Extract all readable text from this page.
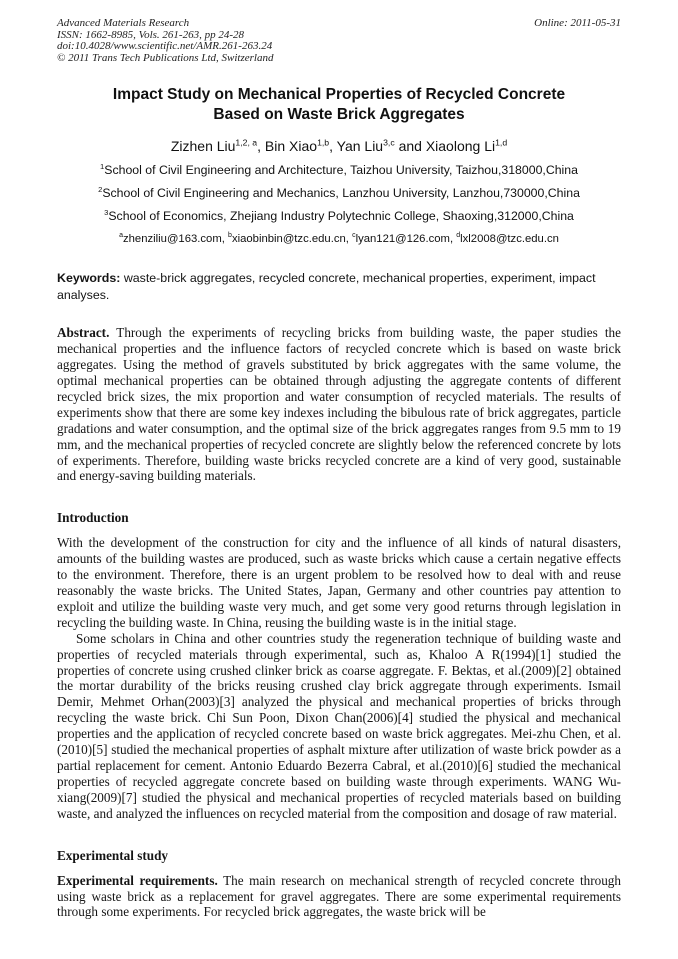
Advanced Materials Research	Online: 2011-05-31
ISSN: 1662-8985, Vols. 261-263, pp 24-28
doi:10.4028/www.scientific.net/AMR.261-263.24
© 2011 Trans Tech Publications Ltd, Switzerland
Impact Study on Mechanical Properties of Recycled Concrete
Based on Waste Brick Aggregates
Zizhen Liu$^{1,2, a}$, Bin Xiao$^{1,b}$, Yan Liu$^{3,c}$ and Xiaolong Li$^{1,d}$
$^1$School of Civil Engineering and Architecture, Taizhou University, Taizhou,318000,China
$^2$School of Civil Engineering and Mechanics, Lanzhou University, Lanzhou,730000,China
$^3$School of Economics, Zhejiang Industry Polytechnic College, Shaoxing,312000,China
$^a$zhenziliu@163.com, $^b$xiaobinbin@tzc.edu.cn, $^c$lyan121@126.com, $^d$lxl2008@tzc.edu.cn

Keywords: waste-brick aggregates, recycled concrete, mechanical properties, experiment, impact analyses.

Abstract. Through the experiments of recycling bricks from building waste, the paper studies the mechanical properties and the influence factors of recycled concrete which is based on waste brick aggregates. Using the method of gravels substituted by brick aggregates with the same volume, the optimal mechanical properties can be obtained through adjusting the aggregate contents of different recycled brick sizes, the mix proportion and water consumption of recycled materials. The results of experiments show that there are some key indexes including the bibulous rate of brick aggregates, particle gradations and water consumption, and the optimal size of the brick aggregates ranges from 9.5 mm to 19 mm, and the mechanical properties of recycled concrete are slightly below the referenced concrete by lots of experiments. Therefore, building waste bricks recycled concrete are a kind of very good, sustainable and energy-saving building materials.

Introduction

With the development of the construction for city and the influence of all kinds of natural disasters, amounts of the building wastes are produced, such as waste bricks which cause a certain negative effects to the environment. Therefore, there is an urgent problem to be resolved how to deal with and reuse reasonably the waste bricks. The United States, Japan, Germany and other countries pay attention to exploit and utilize the building waste very much, and get some very good returns through legislation in recycling the building waste. In China, reusing the building waste is in the initial stage.

Some scholars in China and other countries study the regeneration technique of building waste and properties of recycled materials through experimental, such as, Khaloo A R(1994)[1] studied the properties of concrete using crushed clinker brick as coarse aggregate. F. Bektas, et al.(2009)[2] obtained the mortar durability of the bricks reusing crushed clay brick aggregate through experiments. Ismail Demir, Mehmet Orhan(2003)[3] analyzed the physical and mechanical properties of bricks through recycling the waste brick. Chi Sun Poon, Dixon Chan(2006)[4] studied the physical and mechanical properties and the application of recycled concrete based on waste brick aggregates. Mei-zhu Chen, et al.(2010)[5] studied the mechanical properties of asphalt mixture after utilization of waste brick powder as a partial replacement for cement. Antonio Eduardo Bezerra Cabral, et al.(2010)[6] studied the mechanical properties of recycled aggregate concrete based on building waste through experiments. WANG Wu-xiang(2009)[7] studied the physical and mechanical properties of recycled materials based on building waste, and analyzed the influences on recycled material from the composition and dosage of raw material.

Experimental study

Experimental requirements. The main research on mechanical strength of recycled concrete through using waste brick as a replacement for gravel aggregates. There are some experimental requirements through some experiments. For recycled brick aggregates, the waste brick will be
